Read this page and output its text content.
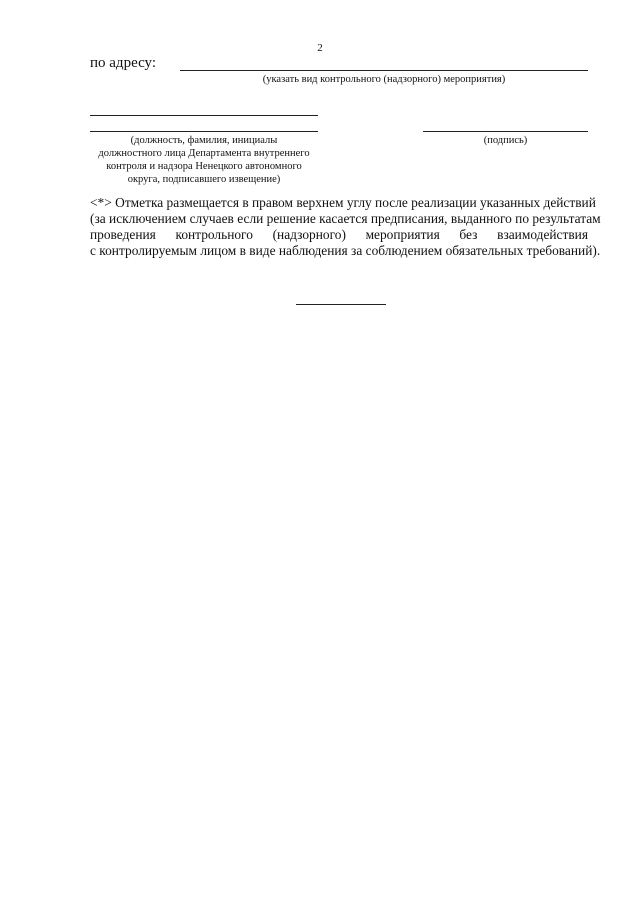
2
по адресу:
(указать вид контрольного (надзорного) мероприятия)
(должность, фамилия, инициалы
должностного лица Департамента внутреннего
контроля и надзора Ненецкого автономного
округа, подписавшего извещение)
(подпись)
<*> Отметка размещается в правом верхнем углу после реализации указанных действий
(за исключением случаев если решение касается предписания, выданного по результатам
проведения контрольного (надзорного) мероприятия без взаимодействия
с контролируемым лицом в виде наблюдения за соблюдением обязательных требований).
